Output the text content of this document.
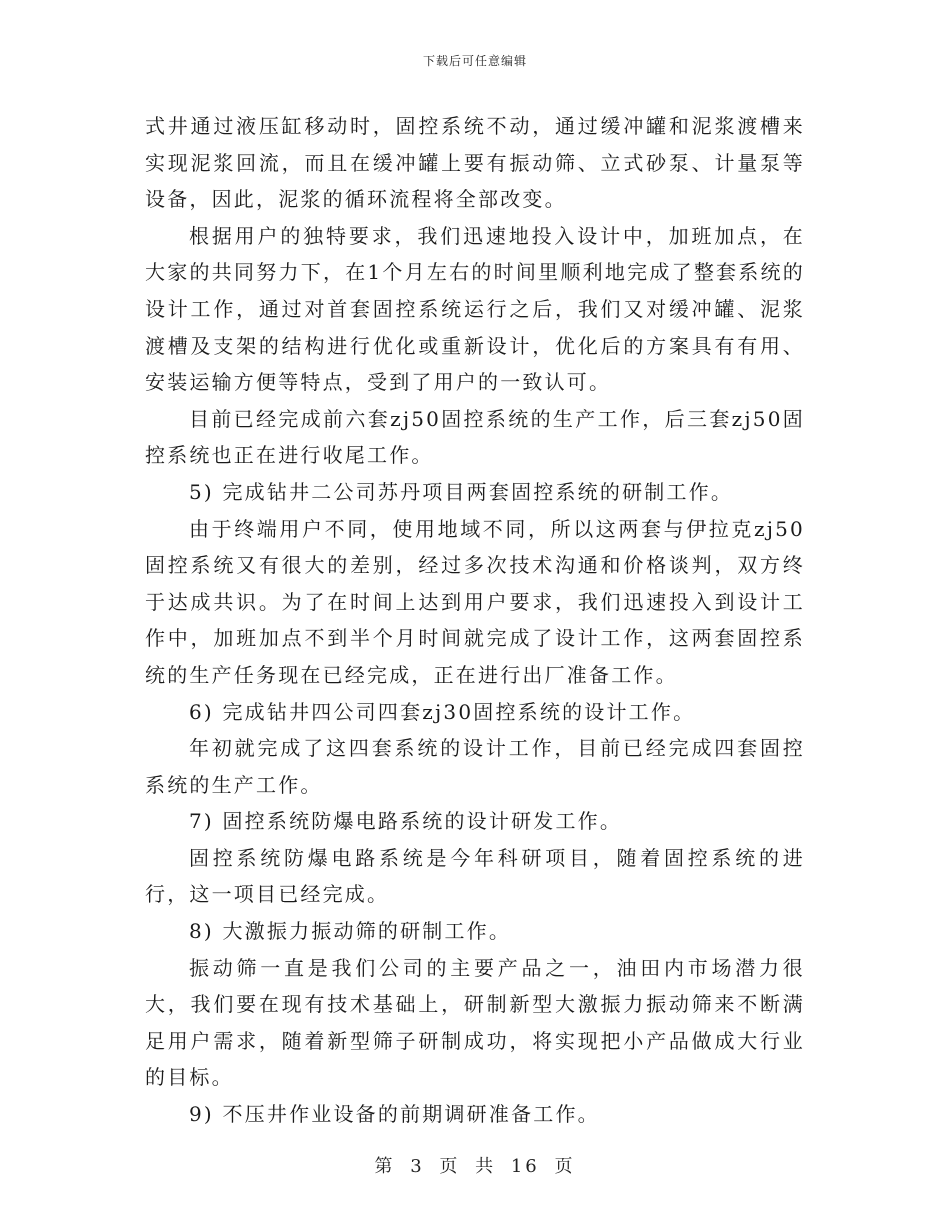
下载后可任意编辑

式井通过液压缸移动时，固控系统不动，通过缓冲罐和泥浆渡槽来实现泥浆回流，而且在缓冲罐上要有振动筛、立式砂泵、计量泵等设备，因此，泥浆的循环流程将全部改变。

根据用户的独特要求，我们迅速地投入设计中，加班加点，在大家的共同努力下，在1个月左右的时间里顺利地完成了整套系统的设计工作，通过对首套固控系统运行之后，我们又对缓冲罐、泥浆渡槽及支架的结构进行优化或重新设计，优化后的方案具有有用、安装运输方便等特点，受到了用户的一致认可。

目前已经完成前六套zj50固控系统的生产工作，后三套zj50固控系统也正在进行收尾工作。

5) 完成钻井二公司苏丹项目两套固控系统的研制工作。

由于终端用户不同，使用地域不同，所以这两套与伊拉克zj50固控系统又有很大的差别，经过多次技术沟通和价格谈判，双方终于达成共识。为了在时间上达到用户要求，我们迅速投入到设计工作中，加班加点不到半个月时间就完成了设计工作，这两套固控系统的生产任务现在已经完成，正在进行出厂准备工作。

6) 完成钻井四公司四套zj30固控系统的设计工作。

年初就完成了这四套系统的设计工作，目前已经完成四套固控系统的生产工作。

7) 固控系统防爆电路系统的设计研发工作。

固控系统防爆电路系统是今年科研项目，随着固控系统的进行，这一项目已经完成。

8) 大激振力振动筛的研制工作。

振动筛一直是我们公司的主要产品之一，油田内市场潜力很大，我们要在现有技术基础上，研制新型大激振力振动筛来不断满足用户需求，随着新型筛子研制成功，将实现把小产品做成大行业的目标。

9) 不压井作业设备的前期调研准备工作。

第 3 页 共 16 页
